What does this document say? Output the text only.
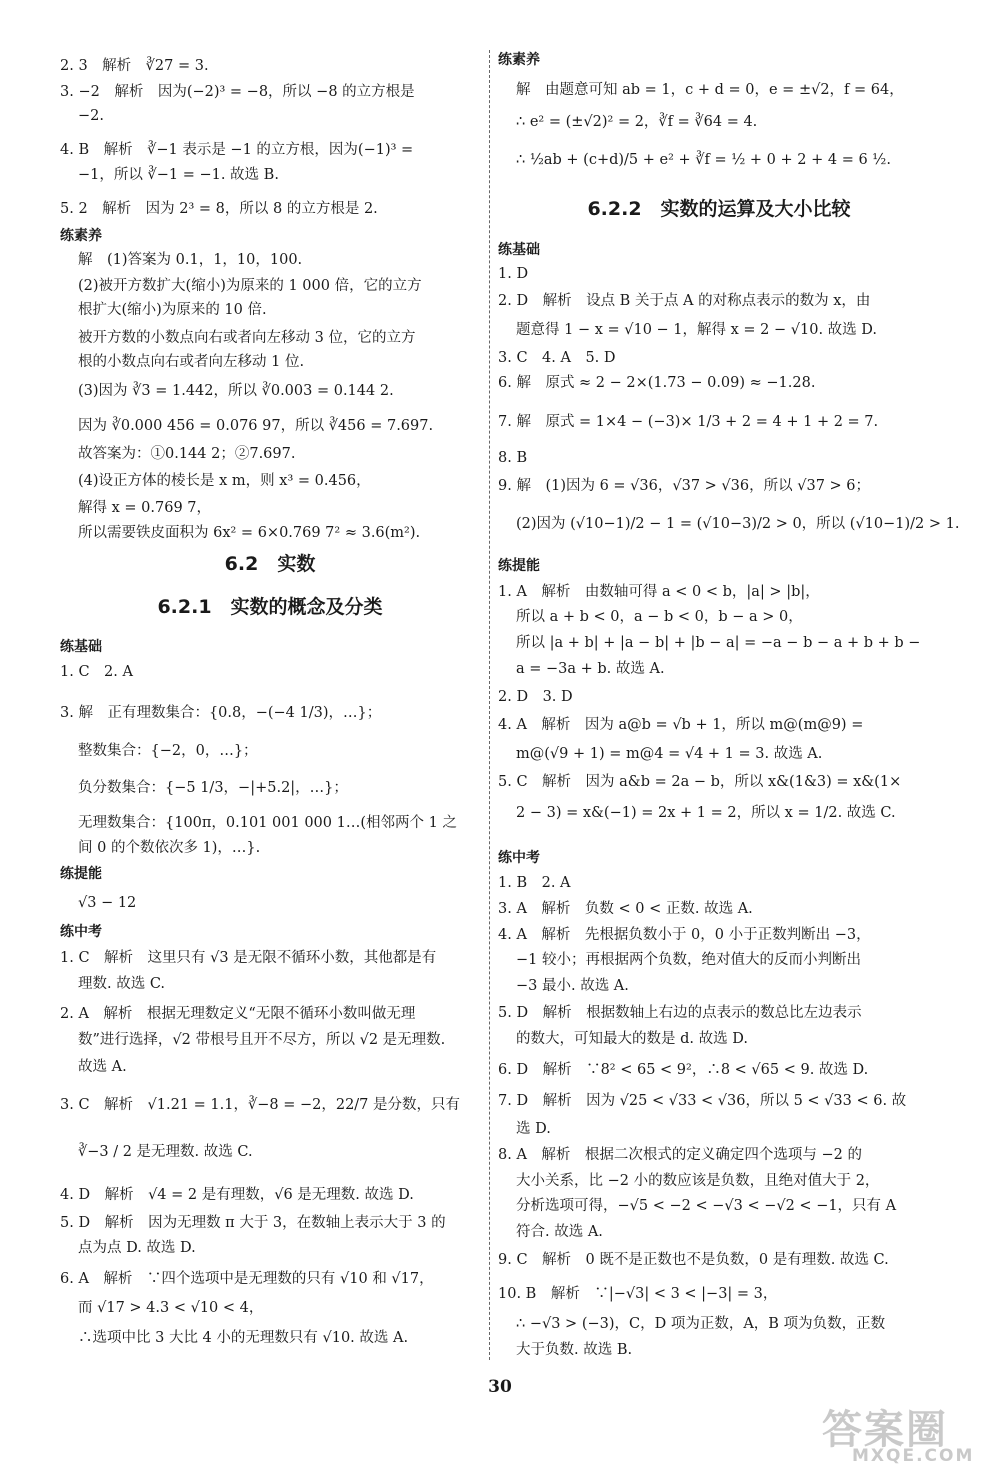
2. 3　解析　∛27 = 3.
3. −2　解析　因为(−2)³ = −8，所以 −8 的立方根是
−2.
4. B　解析　∛−1 表示是 −1 的立方根，因为(−1)³ =
−1，所以 ∛−1 = −1. 故选 B.
5. 2　解析　因为 2³ = 8，所以 8 的立方根是 2.
练素养
解　(1)答案为 0.1，1，10，100.
(2)被开方数扩大(缩小)为原来的 1 000 倍，它的立方
根扩大(缩小)为原来的 10 倍.
被开方数的小数点向右或者向左移动 3 位，它的立方
根的小数点向右或者向左移动 1 位.
(3)因为 ∛3 = 1.442，所以 ∛0.003 = 0.144 2.
因为 ∛0.000 456 = 0.076 97，所以 ∛456 = 7.697.
故答案为：①0.144 2；②7.697.
(4)设正方体的棱长是 x m，则 x³ = 0.456，
解得 x = 0.769 7，
所以需要铁皮面积为 6x² = 6×0.769 7² ≈ 3.6(m²).
6.2　实数
6.2.1　实数的概念及分类
练基础
1. C　2. A
3. 解　正有理数集合：{0.8，−(−4 1/3)，…}；
整数集合：{−2，0，…}；
负分数集合：{−5 1/3，−|+5.2|，…}；
无理数集合：{100π，0.101 001 000 1…(相邻两个 1 之
间 0 的个数依次多 1)，…}.
练提能
√3 − 12
练中考
1. C　解析　这里只有 √3 是无限不循环小数，其他都是有
理数. 故选 C.
2. A　解析　根据无理数定义“无限不循环小数叫做无理
数”进行选择，√2 带根号且开不尽方，所以 √2 是无理数.
故选 A.
3. C　解析　√1.21 = 1.1，∛−8 = −2，22/7 是分数，只有
∛−3 / 2 是无理数. 故选 C.
4. D　解析　√4 = 2 是有理数，√6 是无理数. 故选 D.
5. D　解析　因为无理数 π 大于 3，在数轴上表示大于 3 的
点为点 D. 故选 D.
6. A　解析　∵四个选项中是无理数的只有 √10 和 √17，
而 √17 > 4.3 < √10 < 4，
∴选项中比 3 大比 4 小的无理数只有 √10. 故选 A.
练素养
解　由题意可知 ab = 1，c + d = 0，e = ±√2，f = 64，
∴ e² = (±√2)² = 2，∛f = ∛64 = 4.
∴ ½ab + (c+d)/5 + e² + ∛f = ½ + 0 + 2 + 4 = 6 ½.
6.2.2　实数的运算及大小比较
练基础
1. D
2. D　解析　设点 B 关于点 A 的对称点表示的数为 x，由
题意得 1 − x = √10 − 1，解得 x = 2 − √10. 故选 D.
3. C　4. A　5. D
6. 解　原式 ≈ 2 − 2×(1.73 − 0.09) ≈ −1.28.
7. 解　原式 = 1×4 − (−3)× 1/3 + 2 = 4 + 1 + 2 = 7.
8. B
9. 解　(1)因为 6 = √36，√37 > √36，所以 √37 > 6；
(2)因为 (√10−1)/2 − 1 = (√10−3)/2 > 0，所以 (√10−1)/2 > 1.
练提能
1. A　解析　由数轴可得 a < 0 < b，|a| > |b|，
所以 a + b < 0，a − b < 0，b − a > 0，
所以 |a + b| + |a − b| + |b − a| = −a − b − a + b + b −
a = −3a + b. 故选 A.
2. D　3. D
4. A　解析　因为 a@b = √b + 1，所以 m@(m@9) =
m@(√9 + 1) = m@4 = √4 + 1 = 3. 故选 A.
5. C　解析　因为 a&b = 2a − b，所以 x&(1&3) = x&(1×
2 − 3) = x&(−1) = 2x + 1 = 2，所以 x = 1/2. 故选 C.
练中考
1. B　2. A
3. A　解析　负数 < 0 < 正数. 故选 A.
4. A　解析　先根据负数小于 0，0 小于正数判断出 −3，
−1 较小；再根据两个负数，绝对值大的反而小判断出
−3 最小. 故选 A.
5. D　解析　根据数轴上右边的点表示的数总比左边表示
的数大，可知最大的数是 d. 故选 D.
6. D　解析　∵8² < 65 < 9²，∴8 < √65 < 9. 故选 D.
7. D　解析　因为 √25 < √33 < √36，所以 5 < √33 < 6. 故
选 D.
8. A　解析　根据二次根式的定义确定四个选项与 −2 的
大小关系，比 −2 小的数应该是负数，且绝对值大于 2，
分析选项可得，−√5 < −2 < −√3 < −√2 < −1，只有 A
符合. 故选 A.
9. C　解析　0 既不是正数也不是负数，0 是有理数. 故选 C.
10. B　解析　∵|−√3| < 3 < |−3| = 3，
∴ −√3 > (−3)，C，D 项为正数，A，B 项为负数，正数
大于负数. 故选 B.
30
答案圈
MXQE.COM
